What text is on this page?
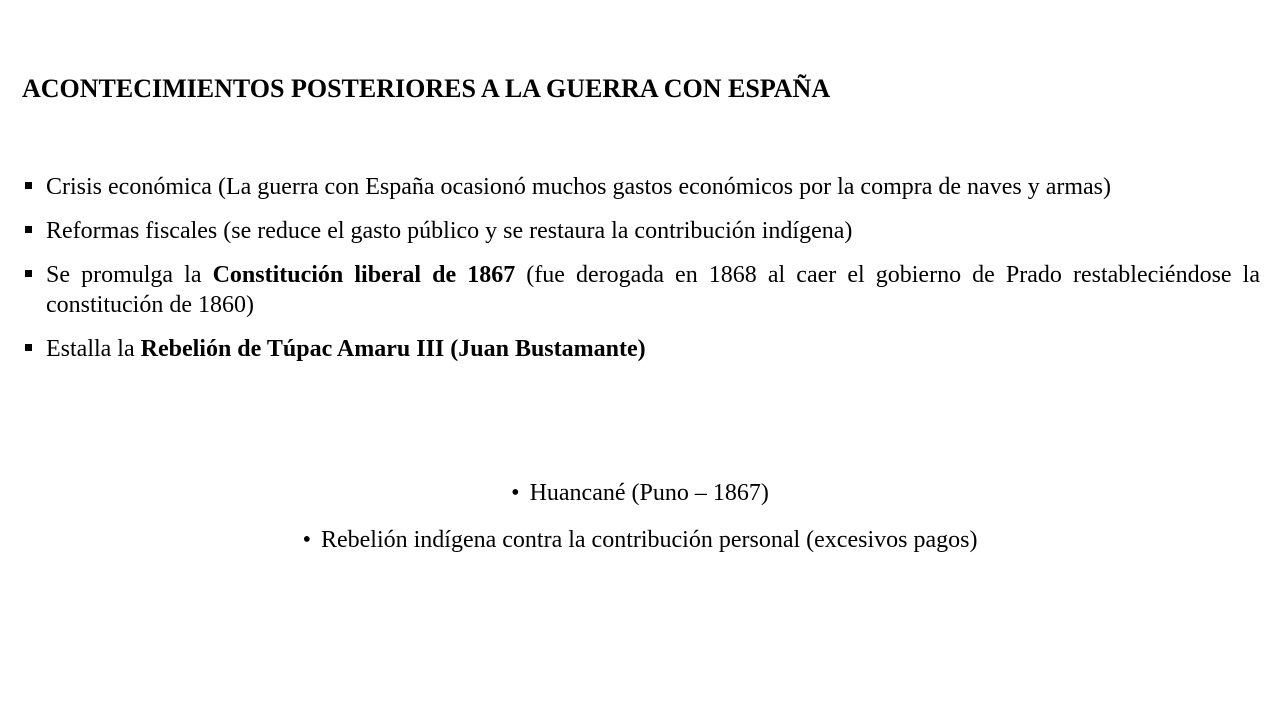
ACONTECIMIENTOS POSTERIORES A LA GUERRA CON ESPAÑA
Crisis económica (La guerra con España ocasionó muchos gastos económicos por la compra de naves y armas)
Reformas fiscales (se reduce el gasto público y se restaura la contribución indígena)
Se promulga la Constitución liberal de 1867 (fue derogada en 1868 al caer el gobierno de Prado restableciéndose la constitución de 1860)
Estalla la Rebelión de Túpac Amaru III (Juan Bustamante)
• Huancané (Puno – 1867)
• Rebelión indígena contra la contribución personal (excesivos pagos)
